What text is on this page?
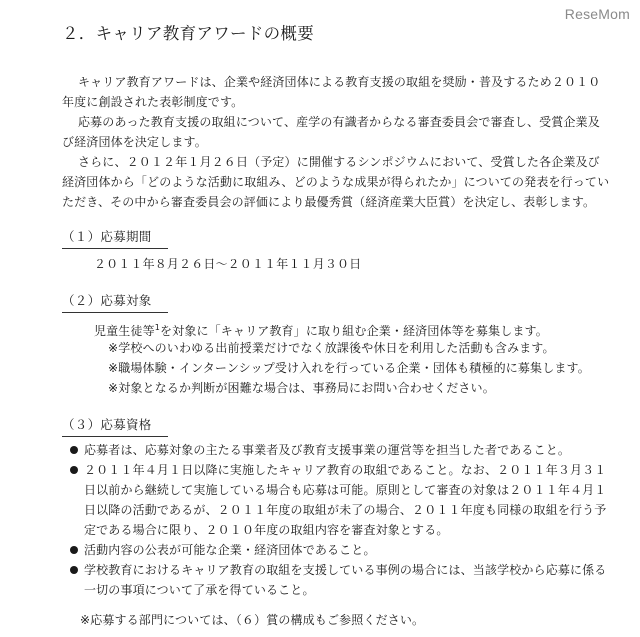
ReseMom
２．キャリア教育アワードの概要

キャリア教育アワードは、企業や経済団体による教育支援の取組を奨励・普及するため２０１０年度に創設された表彰制度です。

応募のあった教育支援の取組について、産学の有識者からなる審査委員会で審査し、受賞企業及び経済団体を決定します。

さらに、２０１２年１月２６日（予定）に開催するシンポジウムにおいて、受賞した各企業及び経済団体から「どのような活動に取組み、どのような成果が得られたか」についての発表を行っていただき、その中から審査委員会の評価により最優秀賞（経済産業大臣賞）を決定し、表彰します。

（１）応募期間
２０１１年８月２６日〜２０１１年１１月３０日
（２）応募対象
児童生徒等$^1$を対象に「キャリア教育」に取り組む企業・経済団体等を募集します。
※学校へのいわゆる出前授業だけでなく放課後や休日を利用した活動も含みます。
※職場体験・インターンシップ受け入れを行っている企業・団体も積極的に募集します。
※対象となるか判断が困難な場合は、事務局にお問い合わせください。
（３）応募資格
応募者は、応募対象の主たる事業者及び教育支援事業の運営等を担当した者であること。
２０１１年４月１日以降に実施したキャリア教育の取組であること。なお、２０１１年３月３１日以前から継続して実施している場合も応募は可能。原則として審査の対象は２０１１年４月１日以降の活動であるが、２０１１年度の取組が未了の場合、２０１１年度も同様の取組を行う予定である場合に限り、２０１０年度の取組内容を審査対象とする。
活動内容の公表が可能な企業・経済団体であること。
学校教育におけるキャリア教育の取組を支援している事例の場合には、当該学校から応募に係る一切の事項について了承を得ていること。
※応募する部門については、（６）賞の構成もご参照ください。
